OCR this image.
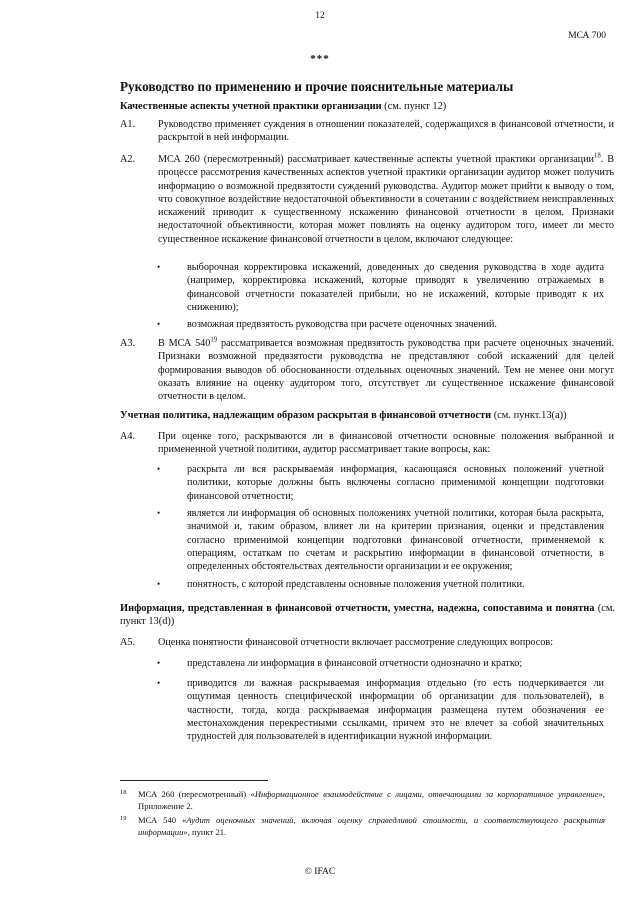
12
МСА 700
***
Руководство по применению и прочие пояснительные материалы
Качественные аспекты учетной практики организации (см. пункт 12)
A1. Руководство применяет суждения в отношении показателей, содержащихся в финансовой отчетности, и раскрытой в ней информации.
A2. МСА 260 (пересмотренный) рассматривает качественные аспекты учетной практики организации$^{18}$. В процессе рассмотрения качественных аспектов учетной практики организации аудитор может получить информацию о возможной предвзятости суждений руководства. Аудитор может прийти к выводу о том, что совокупное воздействие недостаточной объективности в сочетании с воздействием неисправленных искажений приводит к существенному искажению финансовой отчетности в целом. Признаки недостаточной объективности, которая может повлиять на оценку аудитором того, имеет ли место существенное искажение финансовой отчетности в целом, включают следующее:
•	выборочная корректировка искажений, доведенных до сведения руководства в ходе аудита (например, корректировка искажений, которые приводят к увеличению отражаемых в финансовой отчетности показателей прибыли, но не искажений, которые приводят к их снижению);
•	возможная предвзятость руководства при расчете оценочных значений.
A3. В МСА $540^{19}$ рассматривается возможная предвзятость руководства при расчете оценочных значений. Признаки возможной предвзятости руководства не представляют собой искажений для целей формирования выводов об обоснованности отдельных оценочных значений. Тем не менее они могут оказать влияние на оценку аудитором того, отсутствует ли существенное искажение финансовой отчетности в целом.
Учетная политика, надлежащим образом раскрытая в финансовой отчетности (см. пункт.13(a))
A4. При оценке того, раскрываются ли в финансовой отчетности основные положения выбранной и примененной учетной политики, аудитор рассматривает такие вопросы, как:
•	раскрыта ли вся раскрываемая информация, касающаяся основных положений учетной политики, которые должны быть включены согласно применимой концепции подготовки финансовой отчетности;
•	является ли информация об основных положениях учетной политики, которая была раскрыта, значимой и, таким образом, влияет ли на критерии признания, оценки и представления согласно применимой концепции подготовки финансовой отчетности, применяемой к операциям, остаткам по счетам и раскрытию информации в финансовой отчетности, в определенных обстоятельствах деятельности организации и ее окружения;
•	понятность, с которой представлены основные положения учетной политики.
Информация, представленная в финансовой отчетности, уместна, надежна, сопоставима и понятна (см. пункт 13(d))
A5. Оценка понятности финансовой отчетности включает рассмотрение следующих вопросов:
•	представлена ли информация в финансовой отчетности однозначно и кратко;
•	приводится ли важная раскрываемая информация отдельно (то есть подчеркивается ли ощутимая ценность специфической информации об организации для пользователей), в частности, тогда, когда раскрываемая информация размещена путем обозначения ее местонахождения перекрестными ссылками, причем это не влечет за собой значительных трудностей для пользователей в идентификации нужной информации.
18 МСА 260 (пересмотренный) «Информационное взаимодействие с лицами, отвечающими за корпоративное управление», Приложение 2.
19 МСА 540 «Аудит оценочных значений, включая оценку справедливой стоимости, и соответствующего раскрытия информации», пункт 21.
© IFAC
